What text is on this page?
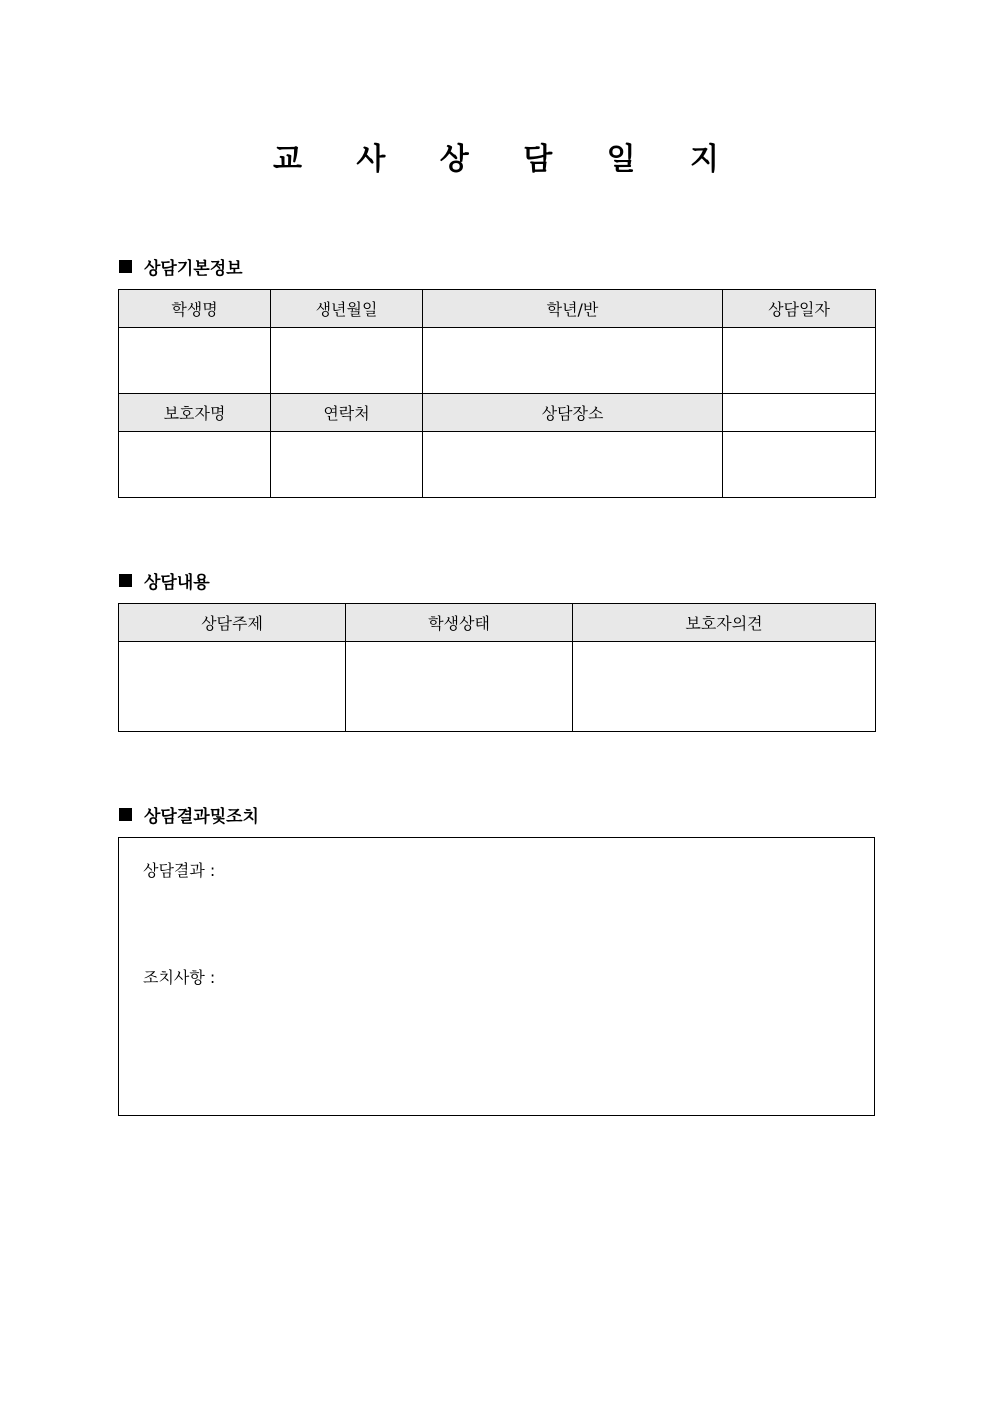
교 사 상 담 일 지
상담기본정보
학생명	생년월일	학년/반	상담일자

보호자명	연락처	상담장소	

상담내용
상담주제	학생상태	보호자의견

상담결과및조치
상담결과 :
조치사항 :
